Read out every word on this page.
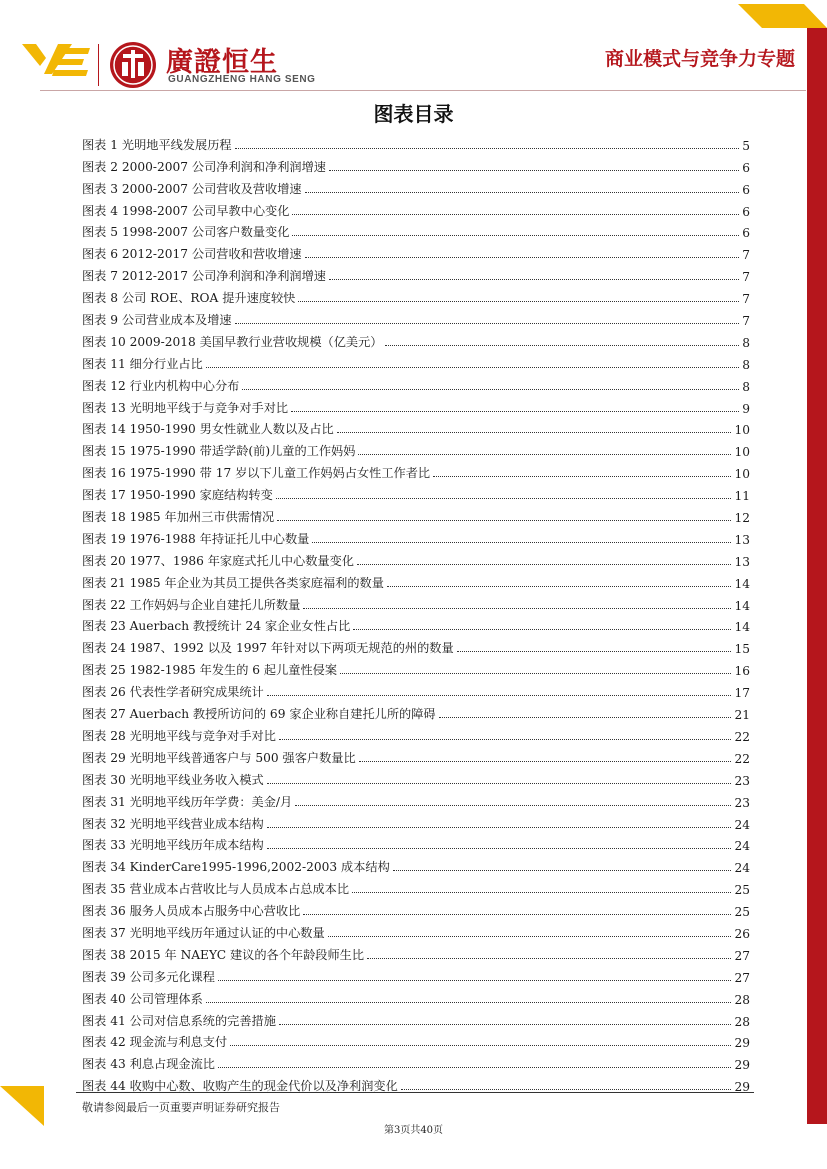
廣證恒生
GUANGZHENG HANG SENG
商业模式与竞争力专题
图表目录
图表 1 光明地平线发展历程	5
图表 2 2000-2007 公司净利润和净利润增速	6
图表 3 2000-2007 公司营收及营收增速	6
图表 4 1998-2007 公司早教中心变化	6
图表 5 1998-2007 公司客户数量变化	6
图表 6 2012-2017 公司营收和营收增速	7
图表 7 2012-2017 公司净利润和净利润增速	7
图表 8 公司 ROE、ROA 提升速度较快	7
图表 9 公司营业成本及增速	7
图表 10 2009-2018 美国早教行业营收规模（亿美元）	8
图表 11 细分行业占比	8
图表 12 行业内机构中心分布	8
图表 13 光明地平线于与竞争对手对比	9
图表 14 1950-1990 男女性就业人数以及占比	10
图表 15 1975-1990 带适学龄(前)儿童的工作妈妈	10
图表 16 1975-1990 带 17 岁以下儿童工作妈妈占女性工作者比	10
图表 17 1950-1990 家庭结构转变	11
图表 18 1985 年加州三市供需情况	12
图表 19 1976-1988 年持证托儿中心数量	13
图表 20 1977、1986 年家庭式托儿中心数量变化	13
图表 21 1985 年企业为其员工提供各类家庭福利的数量	14
图表 22 工作妈妈与企业自建托儿所数量	14
图表 23 Auerbach 教授统计 24 家企业女性占比	14
图表 24 1987、1992 以及 1997 年针对以下两项无规范的州的数量	15
图表 25 1982-1985 年发生的 6 起儿童性侵案	16
图表 26 代表性学者研究成果统计	17
图表 27 Auerbach 教授所访问的 69 家企业称自建托儿所的障碍	21
图表 28 光明地平线与竞争对手对比	22
图表 29 光明地平线普通客户与 500 强客户数量比	22
图表 30 光明地平线业务收入模式	23
图表 31 光明地平线历年学费：美金/月	23
图表 32 光明地平线营业成本结构	24
图表 33 光明地平线历年成本结构	24
图表 34 KinderCare1995-1996,2002-2003 成本结构	24
图表 35 营业成本占营收比与人员成本占总成本比	25
图表 36 服务人员成本占服务中心营收比	25
图表 37 光明地平线历年通过认证的中心数量	26
图表 38 2015 年 NAEYC 建议的各个年龄段师生比	27
图表 39 公司多元化课程	27
图表 40 公司管理体系	28
图表 41 公司对信息系统的完善措施	28
图表 42 现金流与利息支付	29
图表 43 利息占现金流比	29
图表 44 收购中心数、收购产生的现金代价以及净利润变化	29
敬请参阅最后一页重要声明证券研究报告
第3页共40页
